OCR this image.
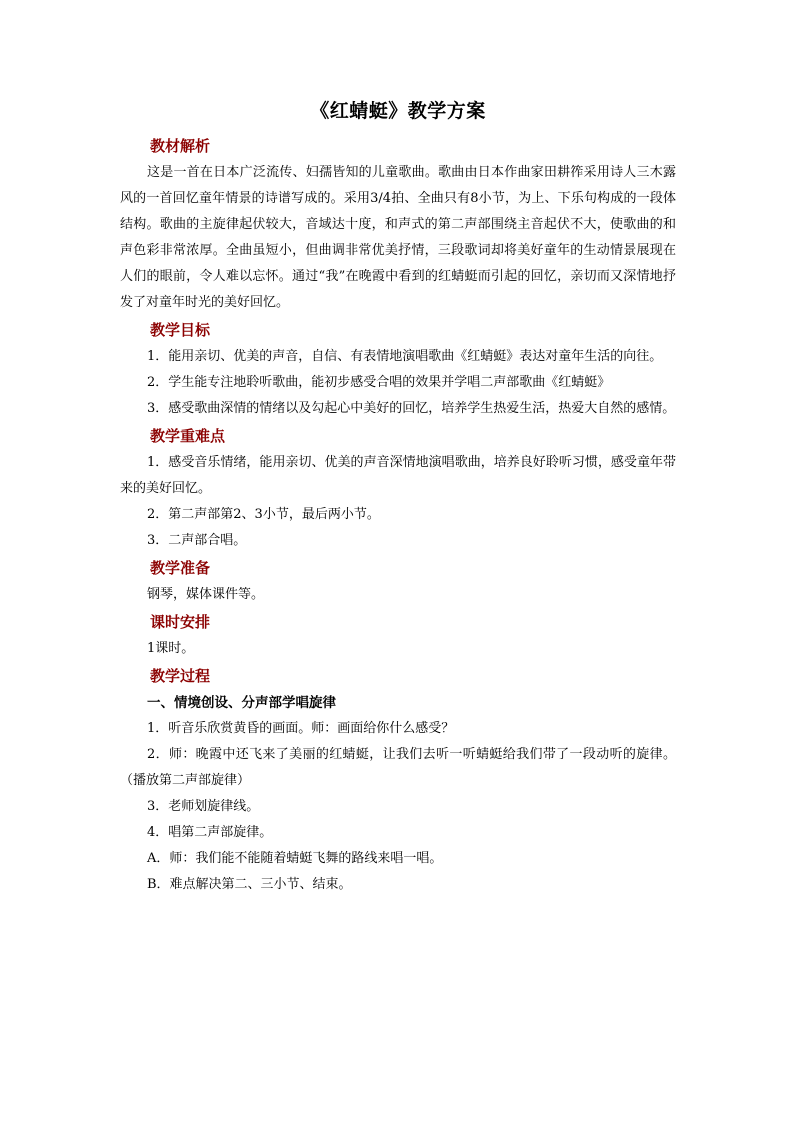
《红蜻蜓》教学方案
教材解析

这是一首在日本广泛流传、妇孺皆知的儿童歌曲。歌曲由日本作曲家田耕筰采用诗人三木露风的一首回忆童年情景的诗谱写成的。采用3/4拍、全曲只有8小节，为上、下乐句构成的一段体结构。歌曲的主旋律起伏较大，音域达十度，和声式的第二声部围绕主音起伏不大，使歌曲的和声色彩非常浓厚。全曲虽短小，但曲调非常优美抒情，三段歌词却将美好童年的生动情景展现在人们的眼前，令人难以忘怀。通过“我”在晚霞中看到的红蜻蜓而引起的回忆，亲切而又深情地抒发了对童年时光的美好回忆。

教学目标

1．能用亲切、优美的声音，自信、有表情地演唱歌曲《红蜻蜓》表达对童年生活的向往。

2．学生能专注地聆听歌曲，能初步感受合唱的效果并学唱二声部歌曲《红蜻蜓》

3．感受歌曲深情的情绪以及勾起心中美好的回忆，培养学生热爱生活，热爱大自然的感情。

教学重难点

1．感受音乐情绪，能用亲切、优美的声音深情地演唱歌曲，培养良好聆听习惯，感受童年带来的美好回忆。

2．第二声部第2、3小节，最后两小节。

3．二声部合唱。

教学准备

钢琴，媒体课件等。

课时安排

1课时。

教学过程
一、情境创设、分声部学唱旋律

1．听音乐欣赏黄昏的画面。师：画面给你什么感受？

2．师：晚霞中还飞来了美丽的红蜻蜓，让我们去听一听蜻蜓给我们带了一段动听的旋律。（播放第二声部旋律）

3．老师划旋律线。

4．唱第二声部旋律。

A．师：我们能不能随着蜻蜓飞舞的路线来唱一唱。

B．难点解决第二、三小节、结束。
